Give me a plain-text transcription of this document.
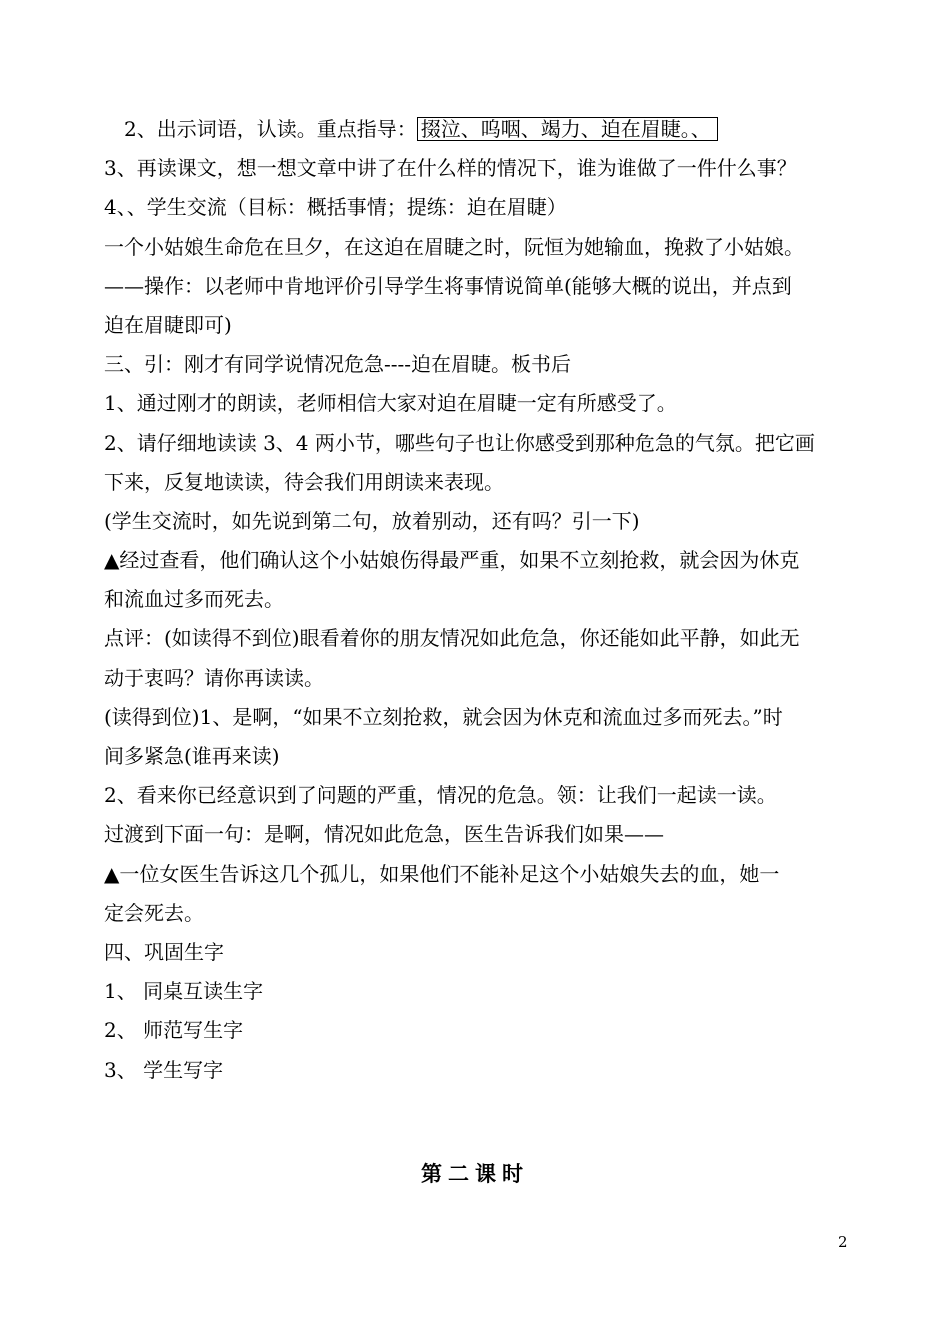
　2、出示词语，认读。重点指导： 掇泣、呜咽、竭力、迫在眉睫。、
3、再读课文，想一想文章中讲了在什么样的情况下，谁为谁做了一件什么事？
4、、学生交流（目标：概括事情；提练：迫在眉睫）
一个小姑娘生命危在旦夕，在这迫在眉睫之时，阮恒为她输血，挽救了小姑娘。
——操作：以老师中肯地评价引导学生将事情说简单(能够大概的说出，并点到
迫在眉睫即可)
三、引：刚才有同学说情况危急----迫在眉睫。板书后
1、通过刚才的朗读，老师相信大家对迫在眉睫一定有所感受了。
2、请仔细地读读 3、4 两小节，哪些句子也让你感受到那种危急的气氛。把它画
下来，反复地读读，待会我们用朗读来表现。
(学生交流时，如先说到第二句，放着别动，还有吗？引一下)
▲经过查看，他们确认这个小姑娘伤得最严重，如果不立刻抢救，就会因为休克
和流血过多而死去。
点评：(如读得不到位)眼看着你的朋友情况如此危急，你还能如此平静，如此无
动于衷吗？请你再读读。
(读得到位)1、是啊，“如果不立刻抢救，就会因为休克和流血过多而死去。”时
间多紧急(谁再来读)
2、看来你已经意识到了问题的严重，情况的危急。领：让我们一起读一读。
过渡到下面一句：是啊，情况如此危急，医生告诉我们如果——
▲一位女医生告诉这几个孤儿，如果他们不能补足这个小姑娘失去的血，她一
定会死去。
四、巩固生字
1、 同桌互读生字
2、 师范写生字
3、 学生写字
第二课时
2
